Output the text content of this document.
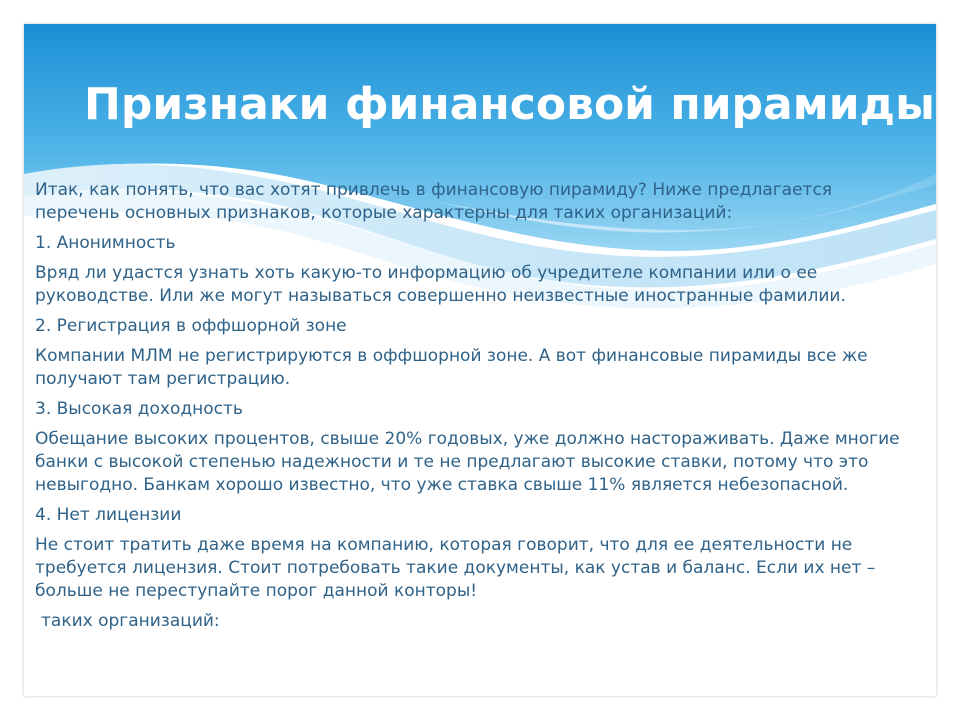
Признаки финансовой пирамиды

Итак, как понять, что вас хотят привлечь в финансовую пирамиду? Ниже предлагается перечень основных признаков, которые характерны для таких организаций:

1. Анонимность

Вряд ли удастся узнать хоть какую-то информацию об учредителе компании или о ее руководстве. Или же могут называться совершенно неизвестные иностранные фамилии.

2. Регистрация в оффшорной зоне

Компании МЛМ не регистрируются в оффшорной зоне. А вот финансовые пирамиды все же получают там регистрацию.

3. Высокая доходность

Обещание высоких процентов, свыше 20% годовых, уже должно настораживать. Даже многие банки с высокой степенью надежности и те не предлагают высокие ставки, потому что это невыгодно. Банкам хорошо известно, что уже ставка свыше 11% является небезопасной.

4. Нет лицензии

Не стоит тратить даже время на компанию, которая говорит, что для ее деятельности не требуется лицензия. Стоит потребовать такие документы, как устав и баланс. Если их нет – больше не переступайте порог данной конторы!

таких организаций:
